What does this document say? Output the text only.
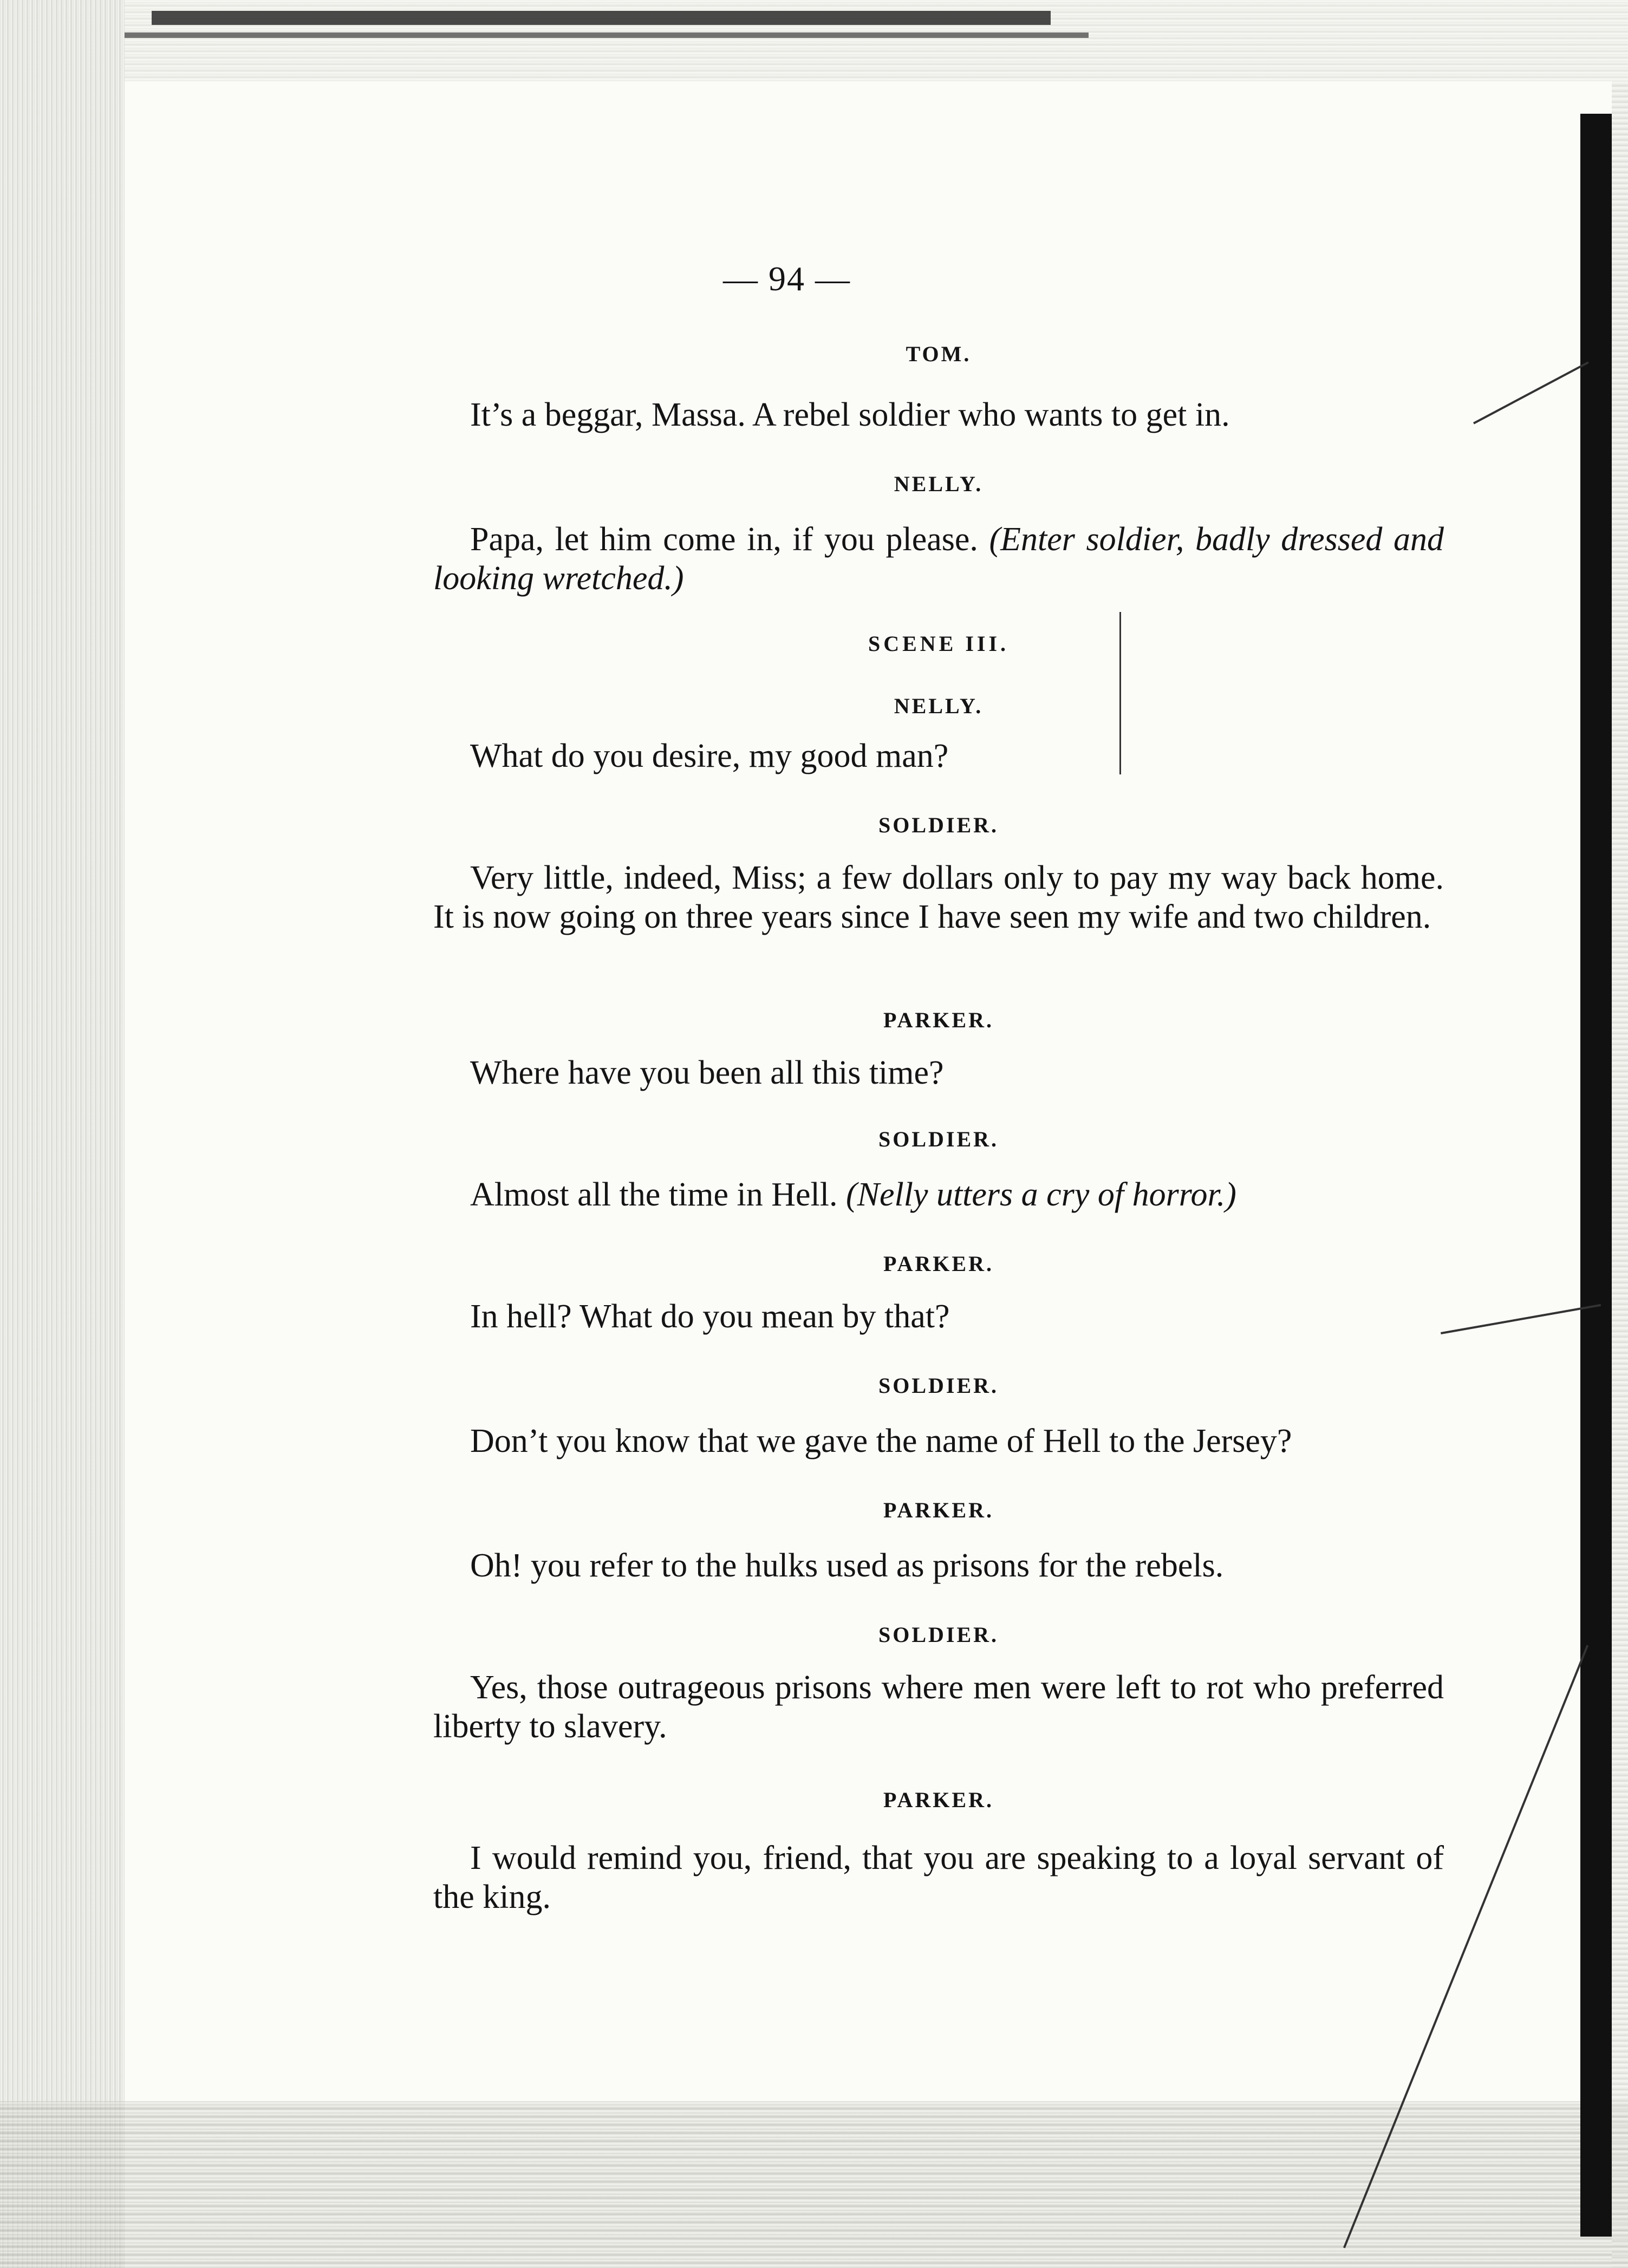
— 94 —
TOM.
It’s a beggar, Massa. A rebel soldier who wants to get in.
NELLY.
Papa, let him come in, if you please. (Enter soldier, badly dressed and looking wretched.)
SCENE III.
NELLY.
What do you desire, my good man?
SOLDIER.
Very little, indeed, Miss; a few dollars only to pay my way back home. It is now going on three years since I have seen my wife and two children.
PARKER.
Where have you been all this time?
SOLDIER.
Almost all the time in Hell. (Nelly utters a cry of horror.)
PARKER.
In hell? What do you mean by that?
SOLDIER.
Don’t you know that we gave the name of Hell to the Jersey?
PARKER.
Oh! you refer to the hulks used as prisons for the rebels.
SOLDIER.
Yes, those outrageous prisons where men were left to rot who preferred liberty to slavery.
PARKER.
I would remind you, friend, that you are speaking to a loyal servant of the king.
